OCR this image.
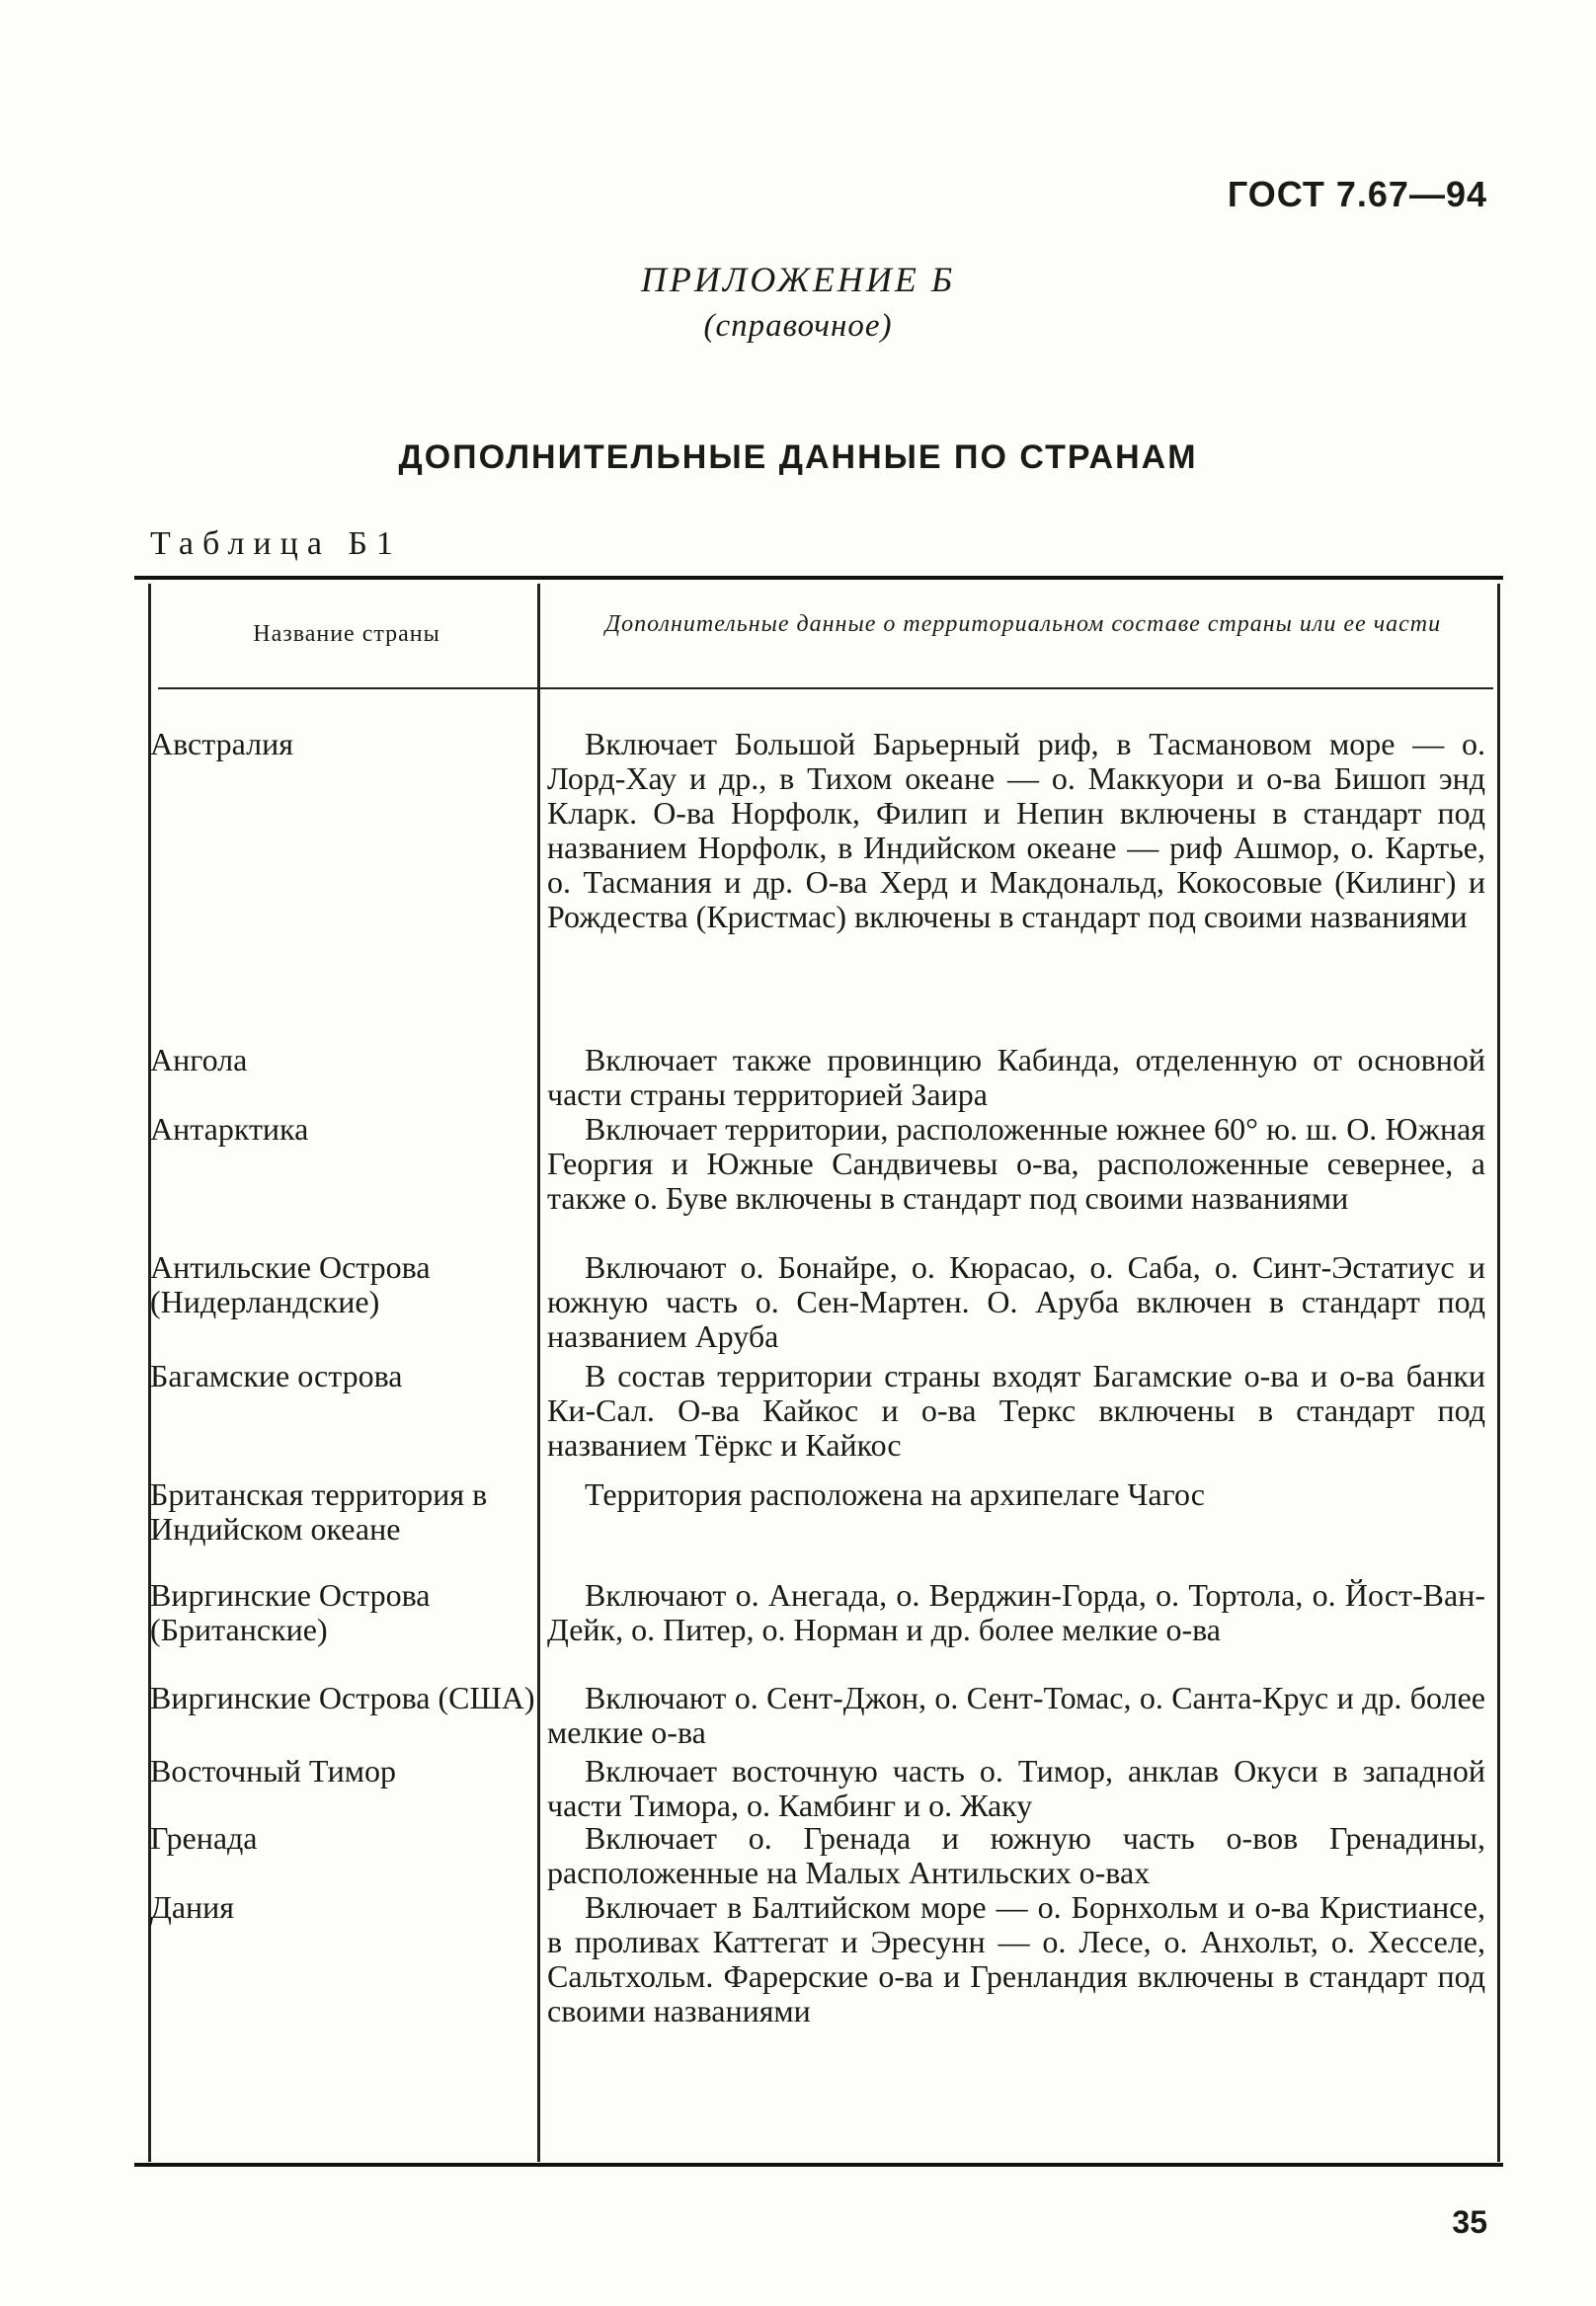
ГОСТ 7.67—94
ПРИЛОЖЕНИЕ Б
(справочное)
ДОПОЛНИТЕЛЬНЫЕ ДАННЫЕ ПО СТРАНАМ
Таблица Б1
Название страны	Дополнительные данные о территориальном составе страны или ее части
Австралия
Ангола
Антарктика
Антильские Острова (Нидерландские)
Багамские острова
Британская территория в Индийском океане
Виргинские Острова (Британские)
Виргинские Острова (США)
Восточный Тимор
Гренада
Дания
Включает Большой Барьерный риф, в Тасмановом море — о. Лорд-Хау и др., в Тихом океане — о. Маккуори и о-ва Бишоп энд Кларк. О-ва Норфолк, Филип и Непин включены в стандарт под названием Норфолк, в Индийском океане — риф Ашмор, о. Картье, о. Тасмания и др. О-ва Херд и Макдональд, Кокосовые (Килинг) и Рождества (Кристмас) включены в стандарт под своими названиями
Включает также провинцию Кабинда, отделенную от основной части страны территорией Заира
Включает территории, расположенные южнее 60° ю. ш. О. Южная Георгия и Южные Сандвичевы о-ва, расположенные севернее, а также о. Буве включены в стандарт под своими названиями
Включают о. Бонайре, о. Кюрасао, о. Саба, о. Синт-Эстатиус и южную часть о. Сен-Мартен. О. Аруба включен в стандарт под названием Аруба
В состав территории страны входят Багамские о-ва и о-ва банки Ки-Сал. О-ва Кайкос и о-ва Теркс включены в стандарт под названием Тёркс и Кайкос
Территория расположена на архипелаге Чагос
Включают о. Анегада, о. Верджин-Горда, о. Тортола, о. Йост-Ван-Дейк, о. Питер, о. Норман и др. более мелкие о-ва
Включают о. Сент-Джон, о. Сент-Томас, о. Санта-Крус и др. более мелкие о-ва
Включает восточную часть о. Тимор, анклав Окуси в западной части Тимора, о. Камбинг и о. Жаку
Включает о. Гренада и южную часть о-вов Гренадины, расположенные на Малых Антильских о-вах
Включает в Балтийском море — о. Борнхольм и о-ва Кристиансе, в проливах Каттегат и Эресунн — о. Лесе, о. Анхольт, о. Хесселе, Сальтхольм. Фарерские о-ва и Гренландия включены в стандарт под своими названиями
35
